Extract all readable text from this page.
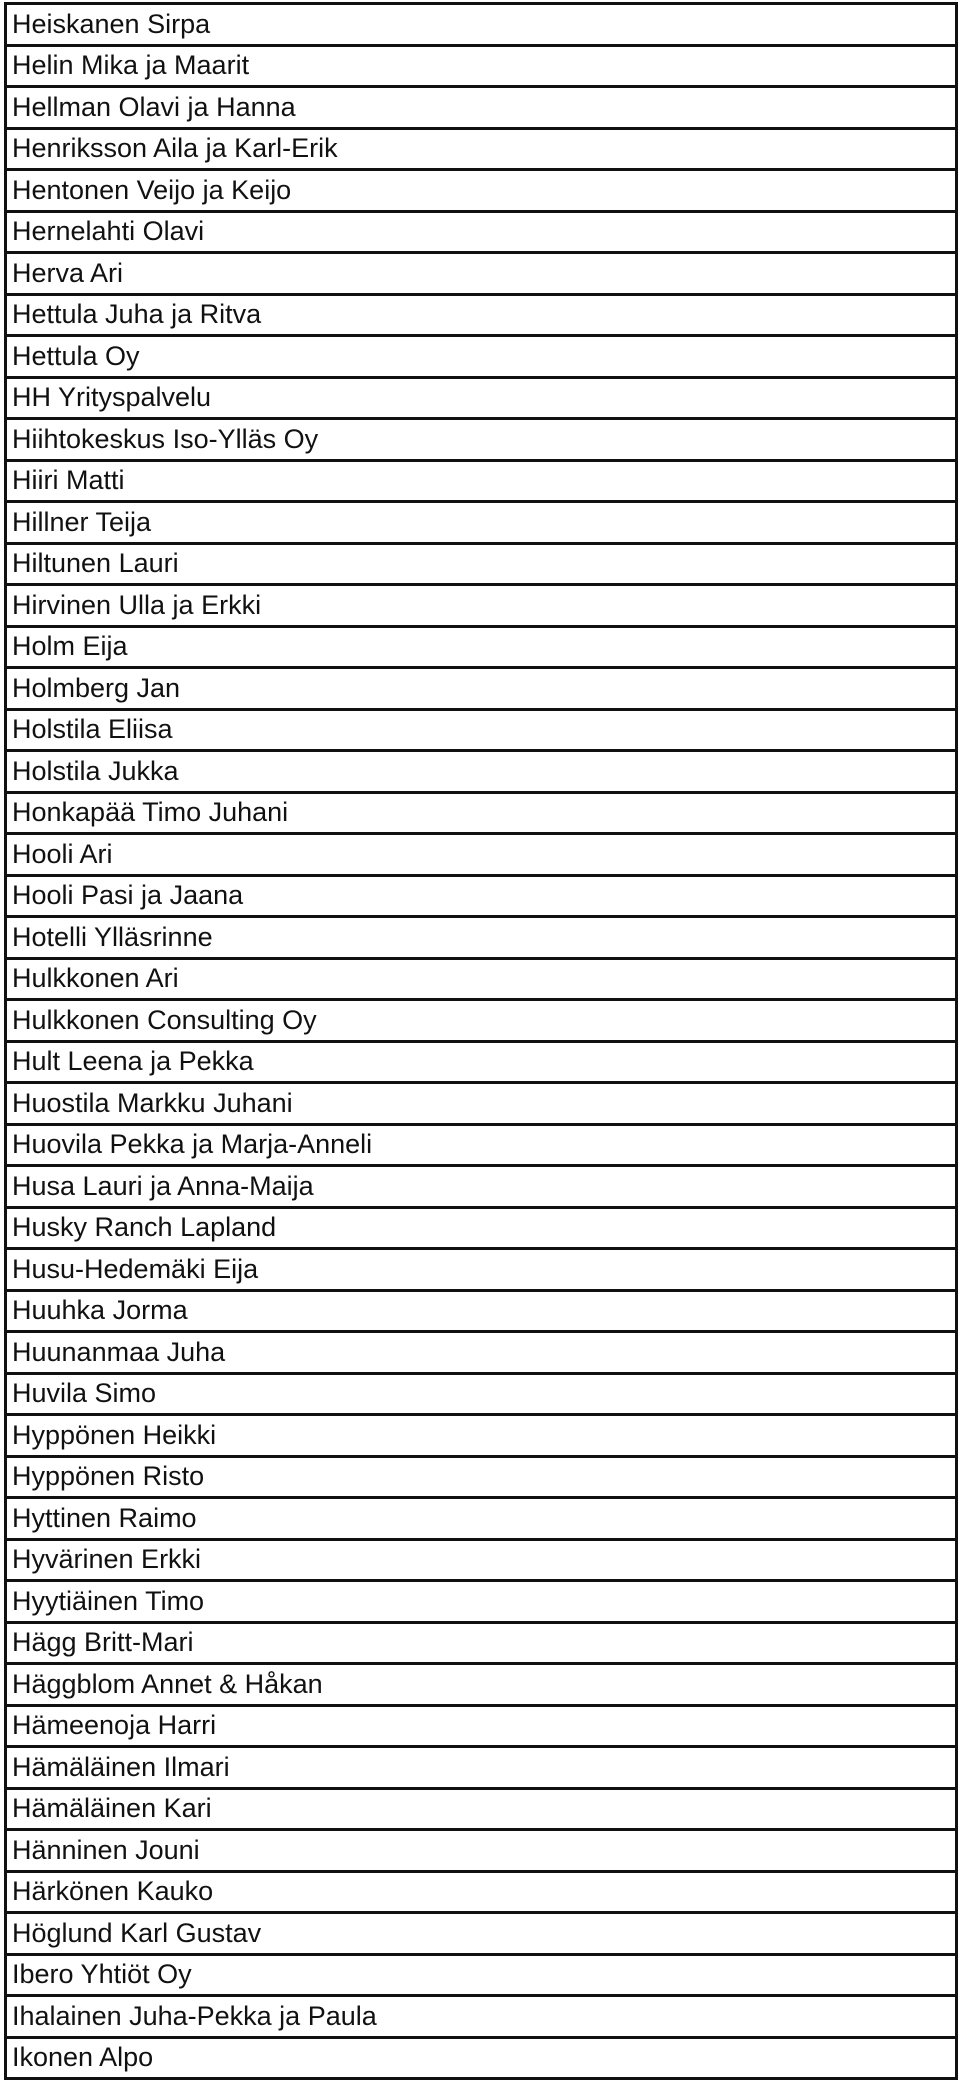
Heiskanen Sirpa
Helin Mika ja Maarit
Hellman Olavi ja Hanna
Henriksson Aila ja Karl-Erik
Hentonen Veijo ja Keijo
Hernelahti Olavi
Herva Ari
Hettula Juha ja Ritva
Hettula Oy
HH Yrityspalvelu
Hiihtokeskus Iso-Ylläs Oy
Hiiri Matti
Hillner Teija
Hiltunen Lauri
Hirvinen Ulla ja Erkki
Holm Eija
Holmberg Jan
Holstila Eliisa
Holstila Jukka
Honkapää Timo Juhani
Hooli Ari
Hooli Pasi ja Jaana
Hotelli Ylläsrinne
Hulkkonen Ari
Hulkkonen Consulting Oy
Hult Leena ja Pekka
Huostila Markku Juhani
Huovila Pekka ja Marja-Anneli
Husa Lauri ja Anna-Maija
Husky Ranch Lapland
Husu-Hedemäki Eija
Huuhka Jorma
Huunanmaa Juha
Huvila Simo
Hyppönen Heikki
Hyppönen Risto
Hyttinen Raimo
Hyvärinen Erkki
Hyytiäinen Timo
Hägg Britt-Mari
Häggblom Annet & Håkan
Hämeenoja Harri
Hämäläinen Ilmari
Hämäläinen Kari
Hänninen Jouni
Härkönen Kauko
Höglund Karl Gustav
Ibero Yhtiöt Oy
Ihalainen Juha-Pekka ja Paula
Ikonen Alpo
